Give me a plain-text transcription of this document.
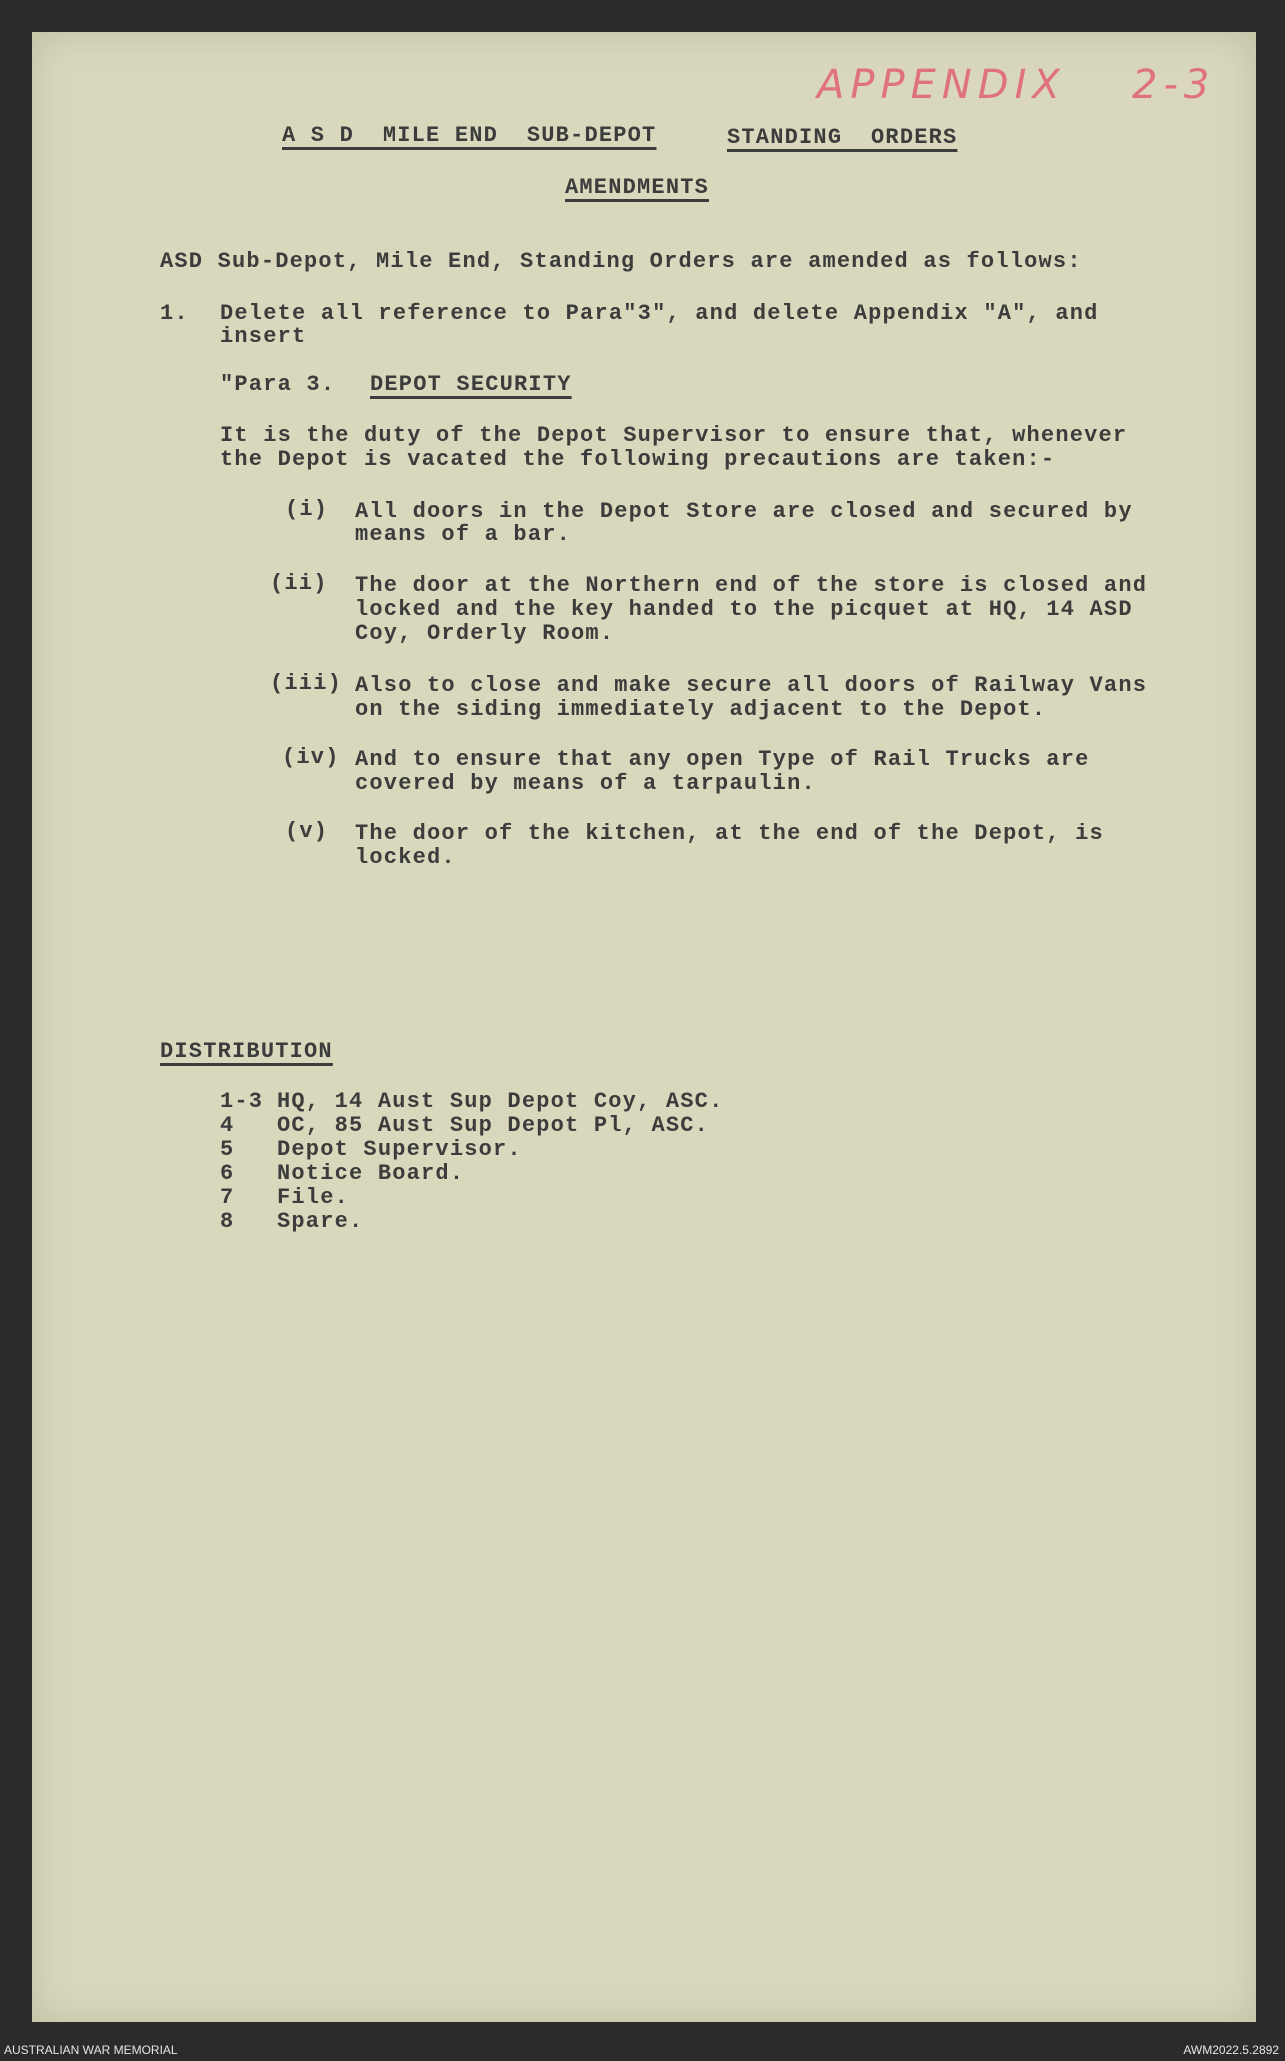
APPENDIX 2-3
A S D  MILE END  SUB-DEPOT	STANDING  ORDERS
AMENDMENTS
ASD Sub-Depot, Mile End, Standing Orders are amended as follows:
1. Delete all reference to Para"3", and delete Appendix "A", and
insert
"Para 3. DEPOT SECURITY
It is the duty of the Depot Supervisor to ensure that, whenever
the Depot is vacated the following precautions are taken:-
(i) All doors in the Depot Store are closed and secured by
means of a bar.
(ii) The door at the Northern end of the store is closed and
locked and the key handed to the picquet at HQ, 14 ASD
Coy, Orderly Room.
(iii) Also to close and make secure all doors of Railway Vans
on the siding immediately adjacent to the Depot.
(iv) And to ensure that any open Type of Rail Trucks are
covered by means of a tarpaulin.
(v) The door of the kitchen, at the end of the Depot, is
locked.
DISTRIBUTION
1-3 HQ, 14 Aust Sup Depot Coy, ASC.
4 OC, 85 Aust Sup Depot Pl, ASC.
5 Depot Supervisor.
6 Notice Board.
7 File.
8 Spare.
AUSTRALIAN WAR MEMORIAL	AWM2022.5.2892
